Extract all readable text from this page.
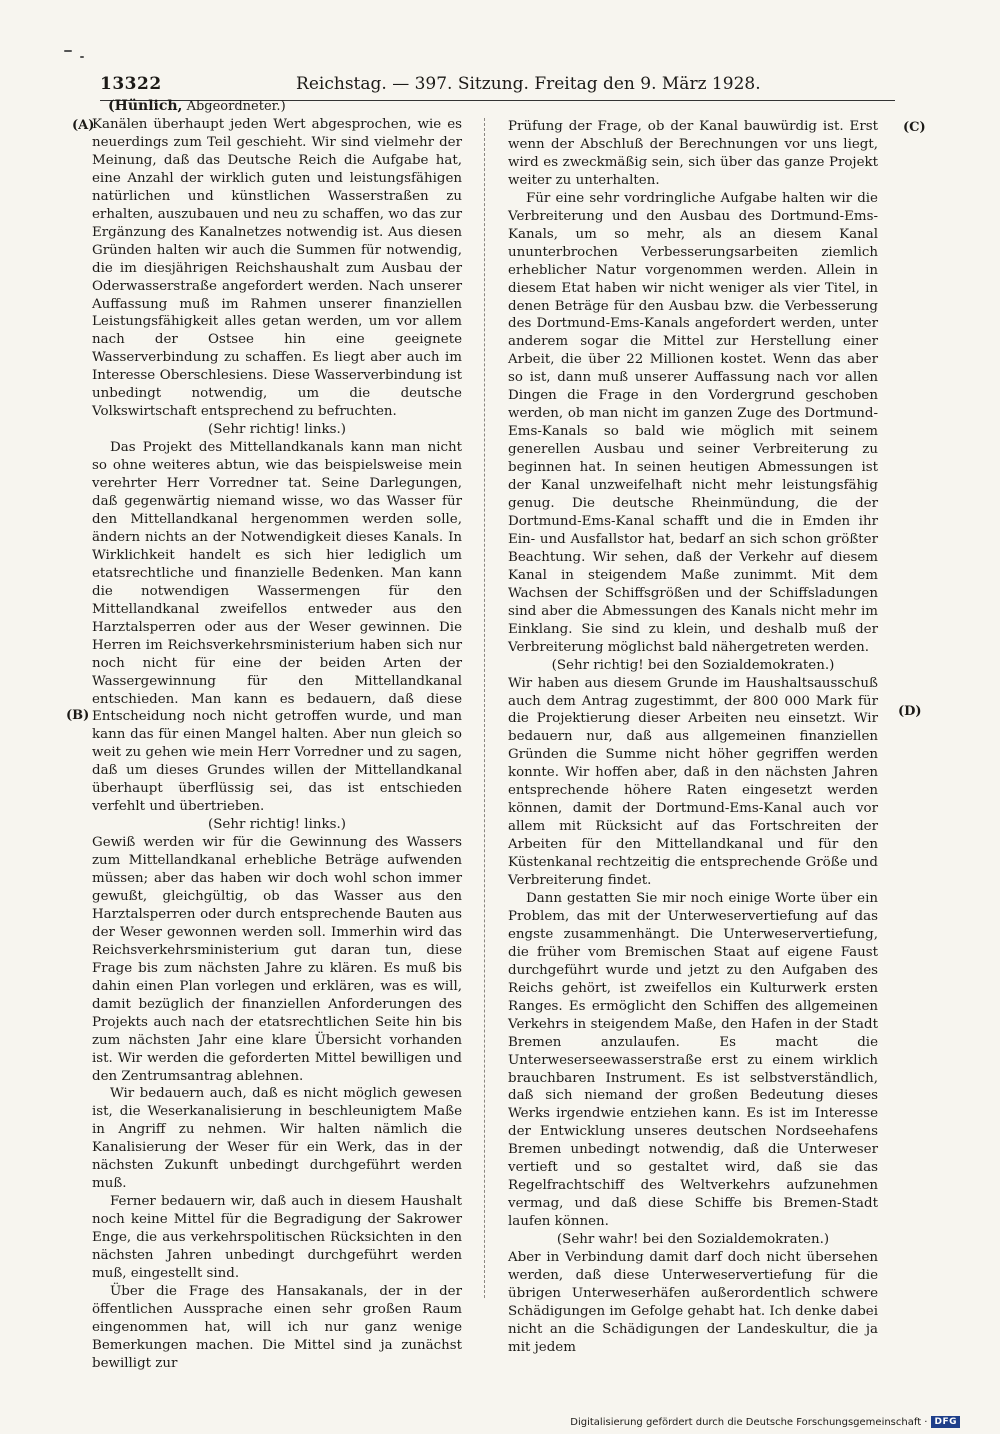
13322	Reichstag. — 397. Sitzung. Freitag den 9. März 1928.
(Hünlich, Abgeordneter.)
(A)
(B)
(C)
(D)

Kanälen überhaupt jeden Wert abgesprochen, wie es neuerdings zum Teil geschieht. Wir sind vielmehr der Meinung, daß das Deutsche Reich die Aufgabe hat, eine Anzahl der wirklich guten und leistungsfähigen natürlichen und künstlichen Wasserstraßen zu erhalten, auszubauen und neu zu schaffen, wo das zur Ergänzung des Kanalnetzes notwendig ist. Aus diesen Gründen halten wir auch die Summen für notwendig, die im diesjährigen Reichshaushalt zum Ausbau der Oderwasserstraße angefordert werden. Nach unserer Auffassung muß im Rahmen unserer finanziellen Leistungsfähigkeit alles getan werden, um vor allem nach der Ostsee hin eine geeignete Wasserverbindung zu schaffen. Es liegt aber auch im Interesse Oberschlesiens. Diese Wasserverbindung ist unbedingt notwendig, um die deutsche Volkswirtschaft entsprechend zu befruchten.

(Sehr richtig! links.)

Das Projekt des Mittellandkanals kann man nicht so ohne weiteres abtun, wie das beispielsweise mein verehrter Herr Vorredner tat. Seine Darlegungen, daß gegenwärtig niemand wisse, wo das Wasser für den Mittellandkanal hergenommen werden solle, ändern nichts an der Notwendigkeit dieses Kanals. In Wirklichkeit handelt es sich hier lediglich um etatsrechtliche und finanzielle Bedenken. Man kann die notwendigen Wassermengen für den Mittellandkanal zweifellos entweder aus den Harztalsperren oder aus der Weser gewinnen. Die Herren im Reichsverkehrsministerium haben sich nur noch nicht für eine der beiden Arten der Wassergewinnung für den Mittellandkanal entschieden. Man kann es bedauern, daß diese Entscheidung noch nicht getroffen wurde, und man kann das für einen Mangel halten. Aber nun gleich so weit zu gehen wie mein Herr Vorredner und zu sagen, daß um dieses Grundes willen der Mittellandkanal überhaupt überflüssig sei, das ist entschieden verfehlt und übertrieben.

(Sehr richtig! links.)

Gewiß werden wir für die Gewinnung des Wassers zum Mittellandkanal erhebliche Beträge aufwenden müssen; aber das haben wir doch wohl schon immer gewußt, gleichgültig, ob das Wasser aus den Harztalsperren oder durch entsprechende Bauten aus der Weser gewonnen werden soll. Immerhin wird das Reichsverkehrsministerium gut daran tun, diese Frage bis zum nächsten Jahre zu klären. Es muß bis dahin einen Plan vorlegen und erklären, was es will, damit bezüglich der finanziellen Anforderungen des Projekts auch nach der etatsrechtlichen Seite hin bis zum nächsten Jahr eine klare Übersicht vorhanden ist. Wir werden die geforderten Mittel bewilligen und den Zentrumsantrag ablehnen.

Wir bedauern auch, daß es nicht möglich gewesen ist, die Weserkanalisierung in beschleunigtem Maße in Angriff zu nehmen. Wir halten nämlich die Kanalisierung der Weser für ein Werk, das in der nächsten Zukunft unbedingt durchgeführt werden muß.

Ferner bedauern wir, daß auch in diesem Haushalt noch keine Mittel für die Begradigung der Sakrower Enge, die aus verkehrspolitischen Rücksichten in den nächsten Jahren unbedingt durchgeführt werden muß, eingestellt sind.

Über die Frage des Hansakanals, der in der öffentlichen Aussprache einen sehr großen Raum eingenommen hat, will ich nur ganz wenige Bemerkungen machen. Die Mittel sind ja zunächst bewilligt zur

Prüfung der Frage, ob der Kanal bauwürdig ist. Erst wenn der Abschluß der Berechnungen vor uns liegt, wird es zweckmäßig sein, sich über das ganze Projekt weiter zu unterhalten.

Für eine sehr vordringliche Aufgabe halten wir die Verbreiterung und den Ausbau des Dortmund-Ems-Kanals, um so mehr, als an diesem Kanal ununterbrochen Verbesserungsarbeiten ziemlich erheblicher Natur vorgenommen werden. Allein in diesem Etat haben wir nicht weniger als vier Titel, in denen Beträge für den Ausbau bzw. die Verbesserung des Dortmund-Ems-Kanals angefordert werden, unter anderem sogar die Mittel zur Herstellung einer Arbeit, die über 22 Millionen kostet. Wenn das aber so ist, dann muß unserer Auffassung nach vor allen Dingen die Frage in den Vordergrund geschoben werden, ob man nicht im ganzen Zuge des Dortmund-Ems-Kanals so bald wie möglich mit seinem generellen Ausbau und seiner Verbreiterung zu beginnen hat. In seinen heutigen Abmessungen ist der Kanal unzweifelhaft nicht mehr leistungsfähig genug. Die deutsche Rheinmündung, die der Dortmund-Ems-Kanal schafft und die in Emden ihr Ein- und Ausfallstor hat, bedarf an sich schon größter Beachtung. Wir sehen, daß der Verkehr auf diesem Kanal in steigendem Maße zunimmt. Mit dem Wachsen der Schiffsgrößen und der Schiffsladungen sind aber die Abmessungen des Kanals nicht mehr im Einklang. Sie sind zu klein, und deshalb muß der Verbreiterung möglichst bald nähergetreten werden.

(Sehr richtig! bei den Sozialdemokraten.)

Wir haben aus diesem Grunde im Haushaltsausschuß auch dem Antrag zugestimmt, der 800 000 Mark für die Projektierung dieser Arbeiten neu einsetzt. Wir bedauern nur, daß aus allgemeinen finanziellen Gründen die Summe nicht höher gegriffen werden konnte. Wir hoffen aber, daß in den nächsten Jahren entsprechende höhere Raten eingesetzt werden können, damit der Dortmund-Ems-Kanal auch vor allem mit Rücksicht auf das Fortschreiten der Arbeiten für den Mittellandkanal und für den Küstenkanal rechtzeitig die entsprechende Größe und Verbreiterung findet.

Dann gestatten Sie mir noch einige Worte über ein Problem, das mit der Unterweservertiefung auf das engste zusammenhängt. Die Unterweservertiefung, die früher vom Bremischen Staat auf eigene Faust durchgeführt wurde und jetzt zu den Aufgaben des Reichs gehört, ist zweifellos ein Kulturwerk ersten Ranges. Es ermöglicht den Schiffen des allgemeinen Verkehrs in steigendem Maße, den Hafen in der Stadt Bremen anzulaufen. Es macht die Unterweserseewasserstraße erst zu einem wirklich brauchbaren Instrument. Es ist selbstverständlich, daß sich niemand der großen Bedeutung dieses Werks irgendwie entziehen kann. Es ist im Interesse der Entwicklung unseres deutschen Nordseehafens Bremen unbedingt notwendig, daß die Unterweser vertieft und so gestaltet wird, daß sie das Regelfrachtschiff des Weltverkehrs aufzunehmen vermag, und daß diese Schiffe bis Bremen-Stadt laufen können.

(Sehr wahr! bei den Sozialdemokraten.)

Aber in Verbindung damit darf doch nicht übersehen werden, daß diese Unterweservertiefung für die übrigen Unterweserhäfen außerordentlich schwere Schädigungen im Gefolge gehabt hat. Ich denke dabei nicht an die Schädigungen der Landeskultur, die ja mit jedem

Digitalisierung gefördert durch die Deutsche Forschungsgemeinschaft · DFG
